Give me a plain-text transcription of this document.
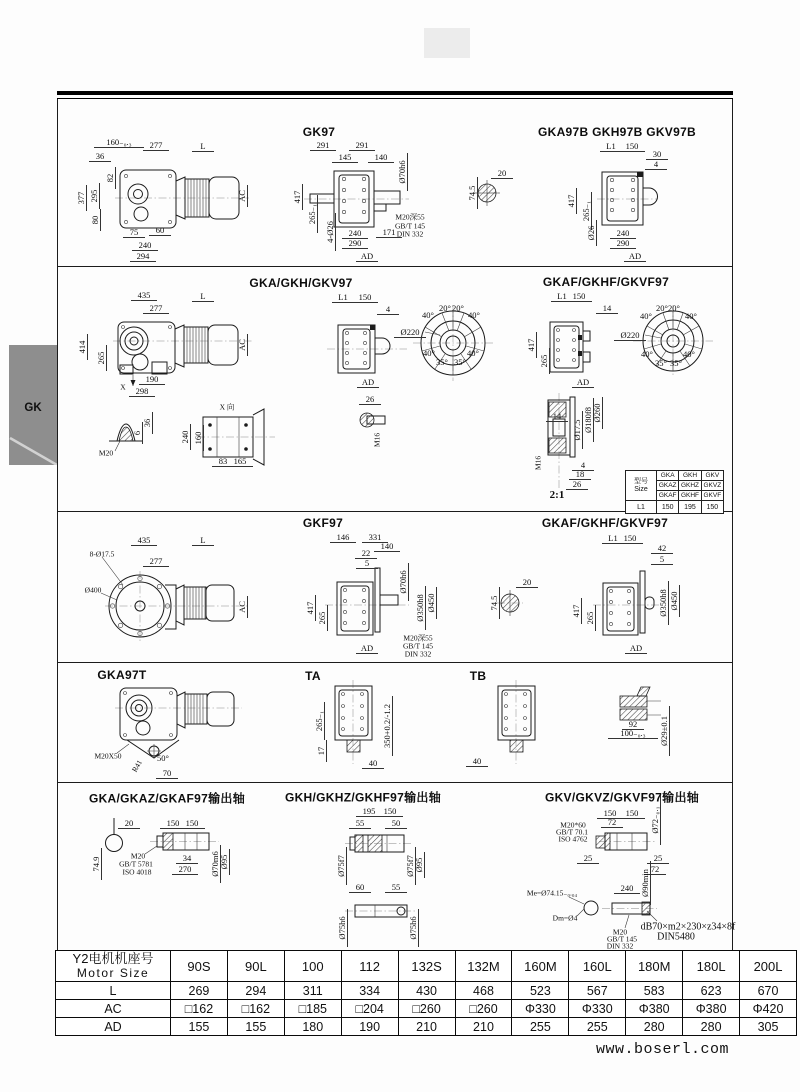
GK
GK97	GKA97B GKH97B GKV97B
160₋₀.₃ 277	L
36
82
377 295
80
75 60
240
294
AC
291	291
145	140
Ø70h6
417
265₋₁
4-Ø26 240	171
290
AD
M20深55
GB/T 145
DIN 332
20
74.5
L1 150
30
4
417 265₋₁
Ø26 240
290
AD
GKA/GKH/GKV97	GKAF/GKHF/GKVF97
435	L
277
414
265
190
298
X
AC
L1 150
4
AD
26
M16
Ø220
40°
20° 20°
40°
40°
35° 35°
40°
L1 150
14
417
265
AD
Ø220
40°
20° 20°
40°
40°
35° 35°
40°
M20
36
6
X 向
240 160
83 165
14
Ø17.5 Ø180f8 Ø260
M16	4
18
26
2:1
GKF97	GKAF/GKHF/GKVF97
435	L
8-Ø17.5
277
Ø400
AC
146 331
140
22
5
Ø70h6
Ø350h8 Ø450
417
265
AD
M20深55
GB/T 145
DIN 332
20
74.5
L1 150
42
5
417
265
Ø350h8 Ø450
AD
GKA97T	TA	TB
M20X50
R41
50°
70
265₋₁	350+0.2/-1.2
17
40	40
92
100₋₀.₃ Ø29±0.1
GKA/GKAZ/GKAF97输出轴	GKH/GKHZ/GKHF97输出轴	GKV/GKVZ/GKVF97输出轴
20	150 150
74.9
M20
GB/T 5781
ISO 4018
34
270 Ø70m6 Ø95
195 150
55	50
Ø75f7	Ø75f7 Ø95
60	55
Ø75h6	Ø75h6
150 150
72	Ø72₋₀.₁
M20*60
GB/T 70.1
ISO 4762
25	25
72
Ø90min
240
Me=Ø74.15₋₀.₀₄
Dm=Ø4
M20
GB/T 145
DIN 332
dB70×m2×230×z34×8f
DIN5480
型号
Size	GKA	GKH	GKV
	GKAZ	GKHZ	GKVZ
	GKAF	GKHF	GKVF
L1	150	195	150
Y2电机机座号
Motor Size	90S	90L	100	112	132S	132M	160M	160L	180M	180L	200L
L	269	294	311	334	430	468	523	567	583	623	670
AC	□162	□162	□185	□204	□260	□260	Φ330	Φ330	Φ380	Φ380	Φ420
AD	155	155	180	190	210	210	255	255	280	280	305
www.boserl.com
